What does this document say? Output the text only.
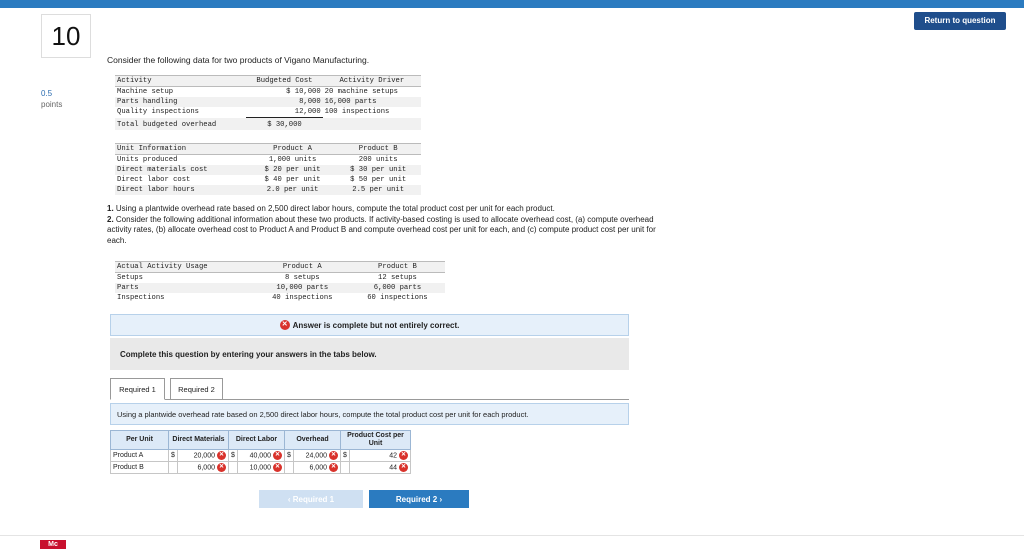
Return to question
10
0.5
points
Consider the following data for two products of Vigano Manufacturing.
Activity	Budgeted Cost	Activity Driver
Machine setup	$ 10,000	20 machine setups
Parts handling	8,000	16,000 parts
Quality inspections	12,000	100 inspections
Total budgeted overhead	$ 30,000	
Unit Information	Product A	Product B
Units produced	1,000 units	200 units
Direct materials cost	$ 20 per unit	$ 30 per unit
Direct labor cost	$ 40 per unit	$ 50 per unit
Direct labor hours	2.0 per unit	2.5 per unit
1. Using a plantwide overhead rate based on 2,500 direct labor hours, compute the total product cost per unit for each product.
2. Consider the following additional information about these two products. If activity-based costing is used to allocate overhead cost, (a) compute overhead activity rates, (b) allocate overhead cost to Product A and Product B and compute overhead cost per unit for each, and (c) compute product cost per unit for each.
Actual Activity Usage	Product A	Product B
Setups	8 setups	12 setups
Parts	10,000 parts	6,000 parts
Inspections	40 inspections	60 inspections
✕ Answer is complete but not entirely correct.
Complete this question by entering your answers in the tabs below.
Required 1	Required 2
Using a plantwide overhead rate based on 2,500 direct labor hours, compute the total product cost per unit for each product.
Per Unit	Direct Materials		Direct Labor		Overhead		Product Cost per Unit	
Product A	$	20,000 ✕	$	40,000 ✕	$	24,000 ✕	$	42 ✕
Product B		6,000 ✕		10,000 ✕		6,000 ✕		44 ✕
‹ Required 1	Required 2 ›
Mc
